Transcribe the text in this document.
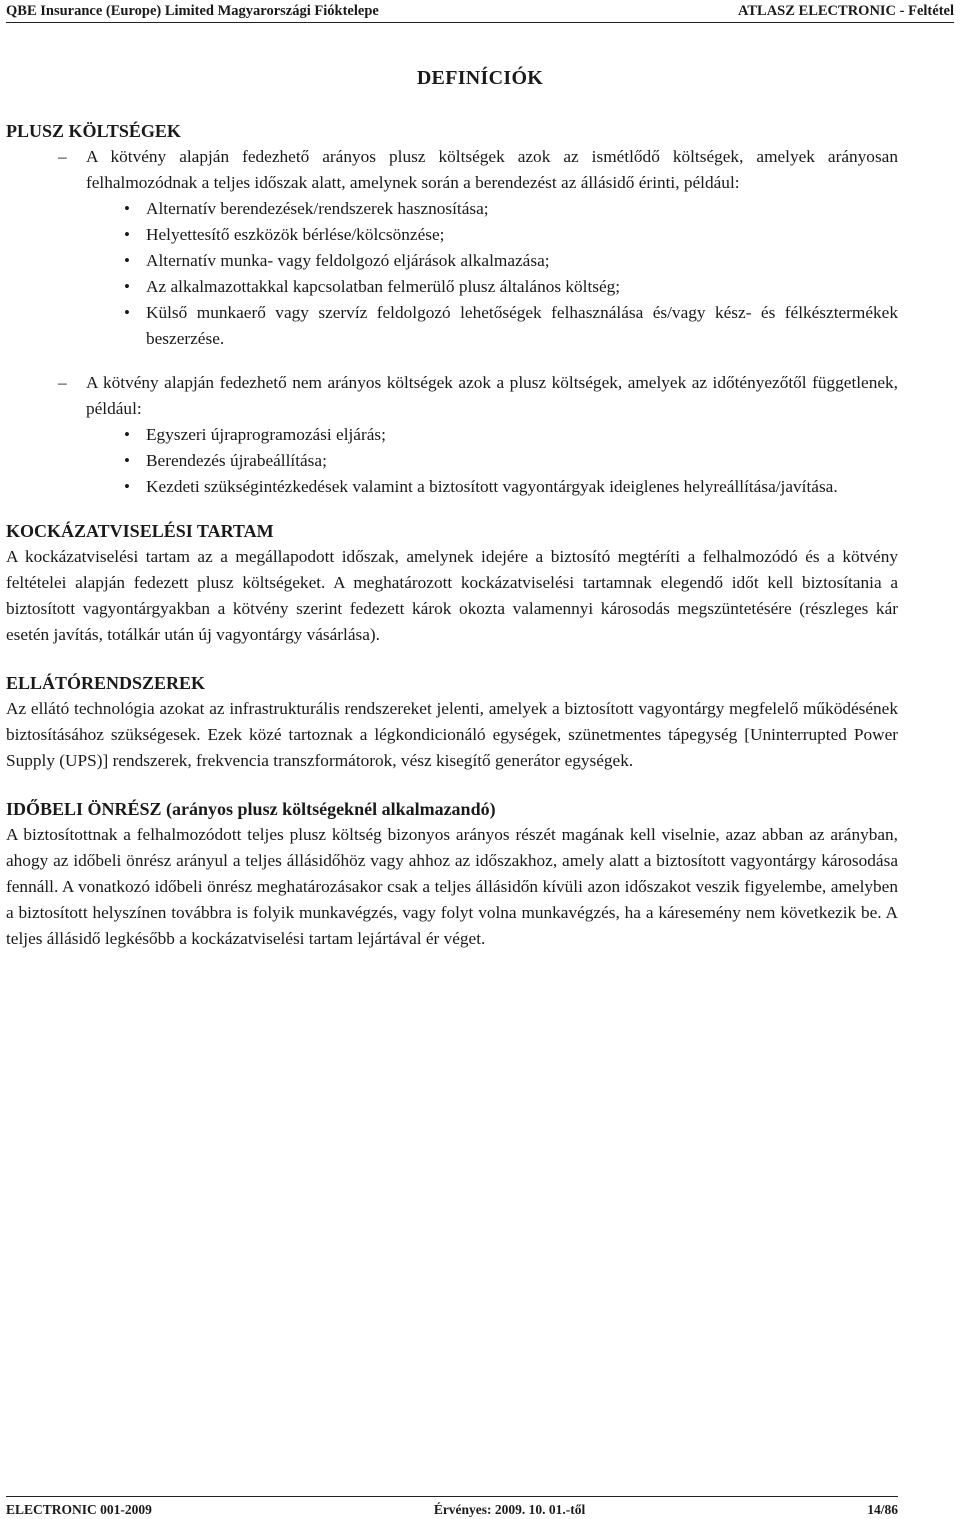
QBE Insurance (Europe) Limited Magyarországi Fióktelepe	ATLASZ ELECTRONIC - Feltétel
DEFINÍCIÓK

PLUSZ KÖLTSÉGEK

–	A kötvény alapján fedezhető arányos plusz költségek azok az ismétlődő költségek, amelyek arányosan felhalmozódnak a teljes időszak alatt, amelynek során a berendezést az állásidő érinti, például:
• Alternatív berendezések/rendszerek hasznosítása;
• Helyettesítő eszközök bérlése/kölcsönzése;
• Alternatív munka- vagy feldolgozó eljárások alkalmazása;
• Az alkalmazottakkal kapcsolatban felmerülő plusz általános költség;
• Külső munkaerő vagy szervíz feldolgozó lehetőségek felhasználása és/vagy kész- és félkésztermékek beszerzése.
–	A kötvény alapján fedezhető nem arányos költségek azok a plusz költségek, amelyek az időtényezőtől függetlenek, például:
• Egyszeri újraprogramozási eljárás;
• Berendezés újrabeállítása;
• Kezdeti szükségintézkedések valamint a biztosított vagyontárgyak ideiglenes helyreállítása/javítása.

KOCKÁZATVISELÉSI TARTAM

A kockázatviselési tartam az a megállapodott időszak, amelynek idejére a biztosító megtéríti a felhalmozódó és a kötvény feltételei alapján fedezett plusz költségeket. A meghatározott kockázatviselési tartamnak elegendő időt kell biztosítania a biztosított vagyontárgyakban a kötvény szerint fedezett károk okozta valamennyi károsodás megszüntetésére (részleges kár esetén javítás, totálkár után új vagyontárgy vásárlása).

ELLÁTÓRENDSZEREK

Az ellátó technológia azokat az infrastrukturális rendszereket jelenti, amelyek a biztosított vagyontárgy megfelelő működésének biztosításához szükségesek. Ezek közé tartoznak a légkondicionáló egységek, szünetmentes tápegység [Uninterrupted Power Supply (UPS)] rendszerek, frekvencia transzformátorok, vész kisegítő generátor egységek.

IDŐBELI ÖNRÉSZ (arányos plusz költségeknél alkalmazandó)

A biztosítottnak a felhalmozódott teljes plusz költség bizonyos arányos részét magának kell viselnie, azaz abban az arányban, ahogy az időbeli önrész arányul a teljes állásidőhöz vagy ahhoz az időszakhoz, amely alatt a biztosított vagyontárgy károsodása fennáll. A vonatkozó időbeli önrész meghatározásakor csak a teljes állásidőn kívüli azon időszakot veszik figyelembe, amelyben a biztosított helyszínen továbbra is folyik munkavégzés, vagy folyt volna munkavégzés, ha a káresemény nem következik be. A teljes állásidő legkésőbb a kockázatviselési tartam lejártával ér véget.

ELECTRONIC 001-2009	Érvényes: 2009. 10. 01.-től	14/86
